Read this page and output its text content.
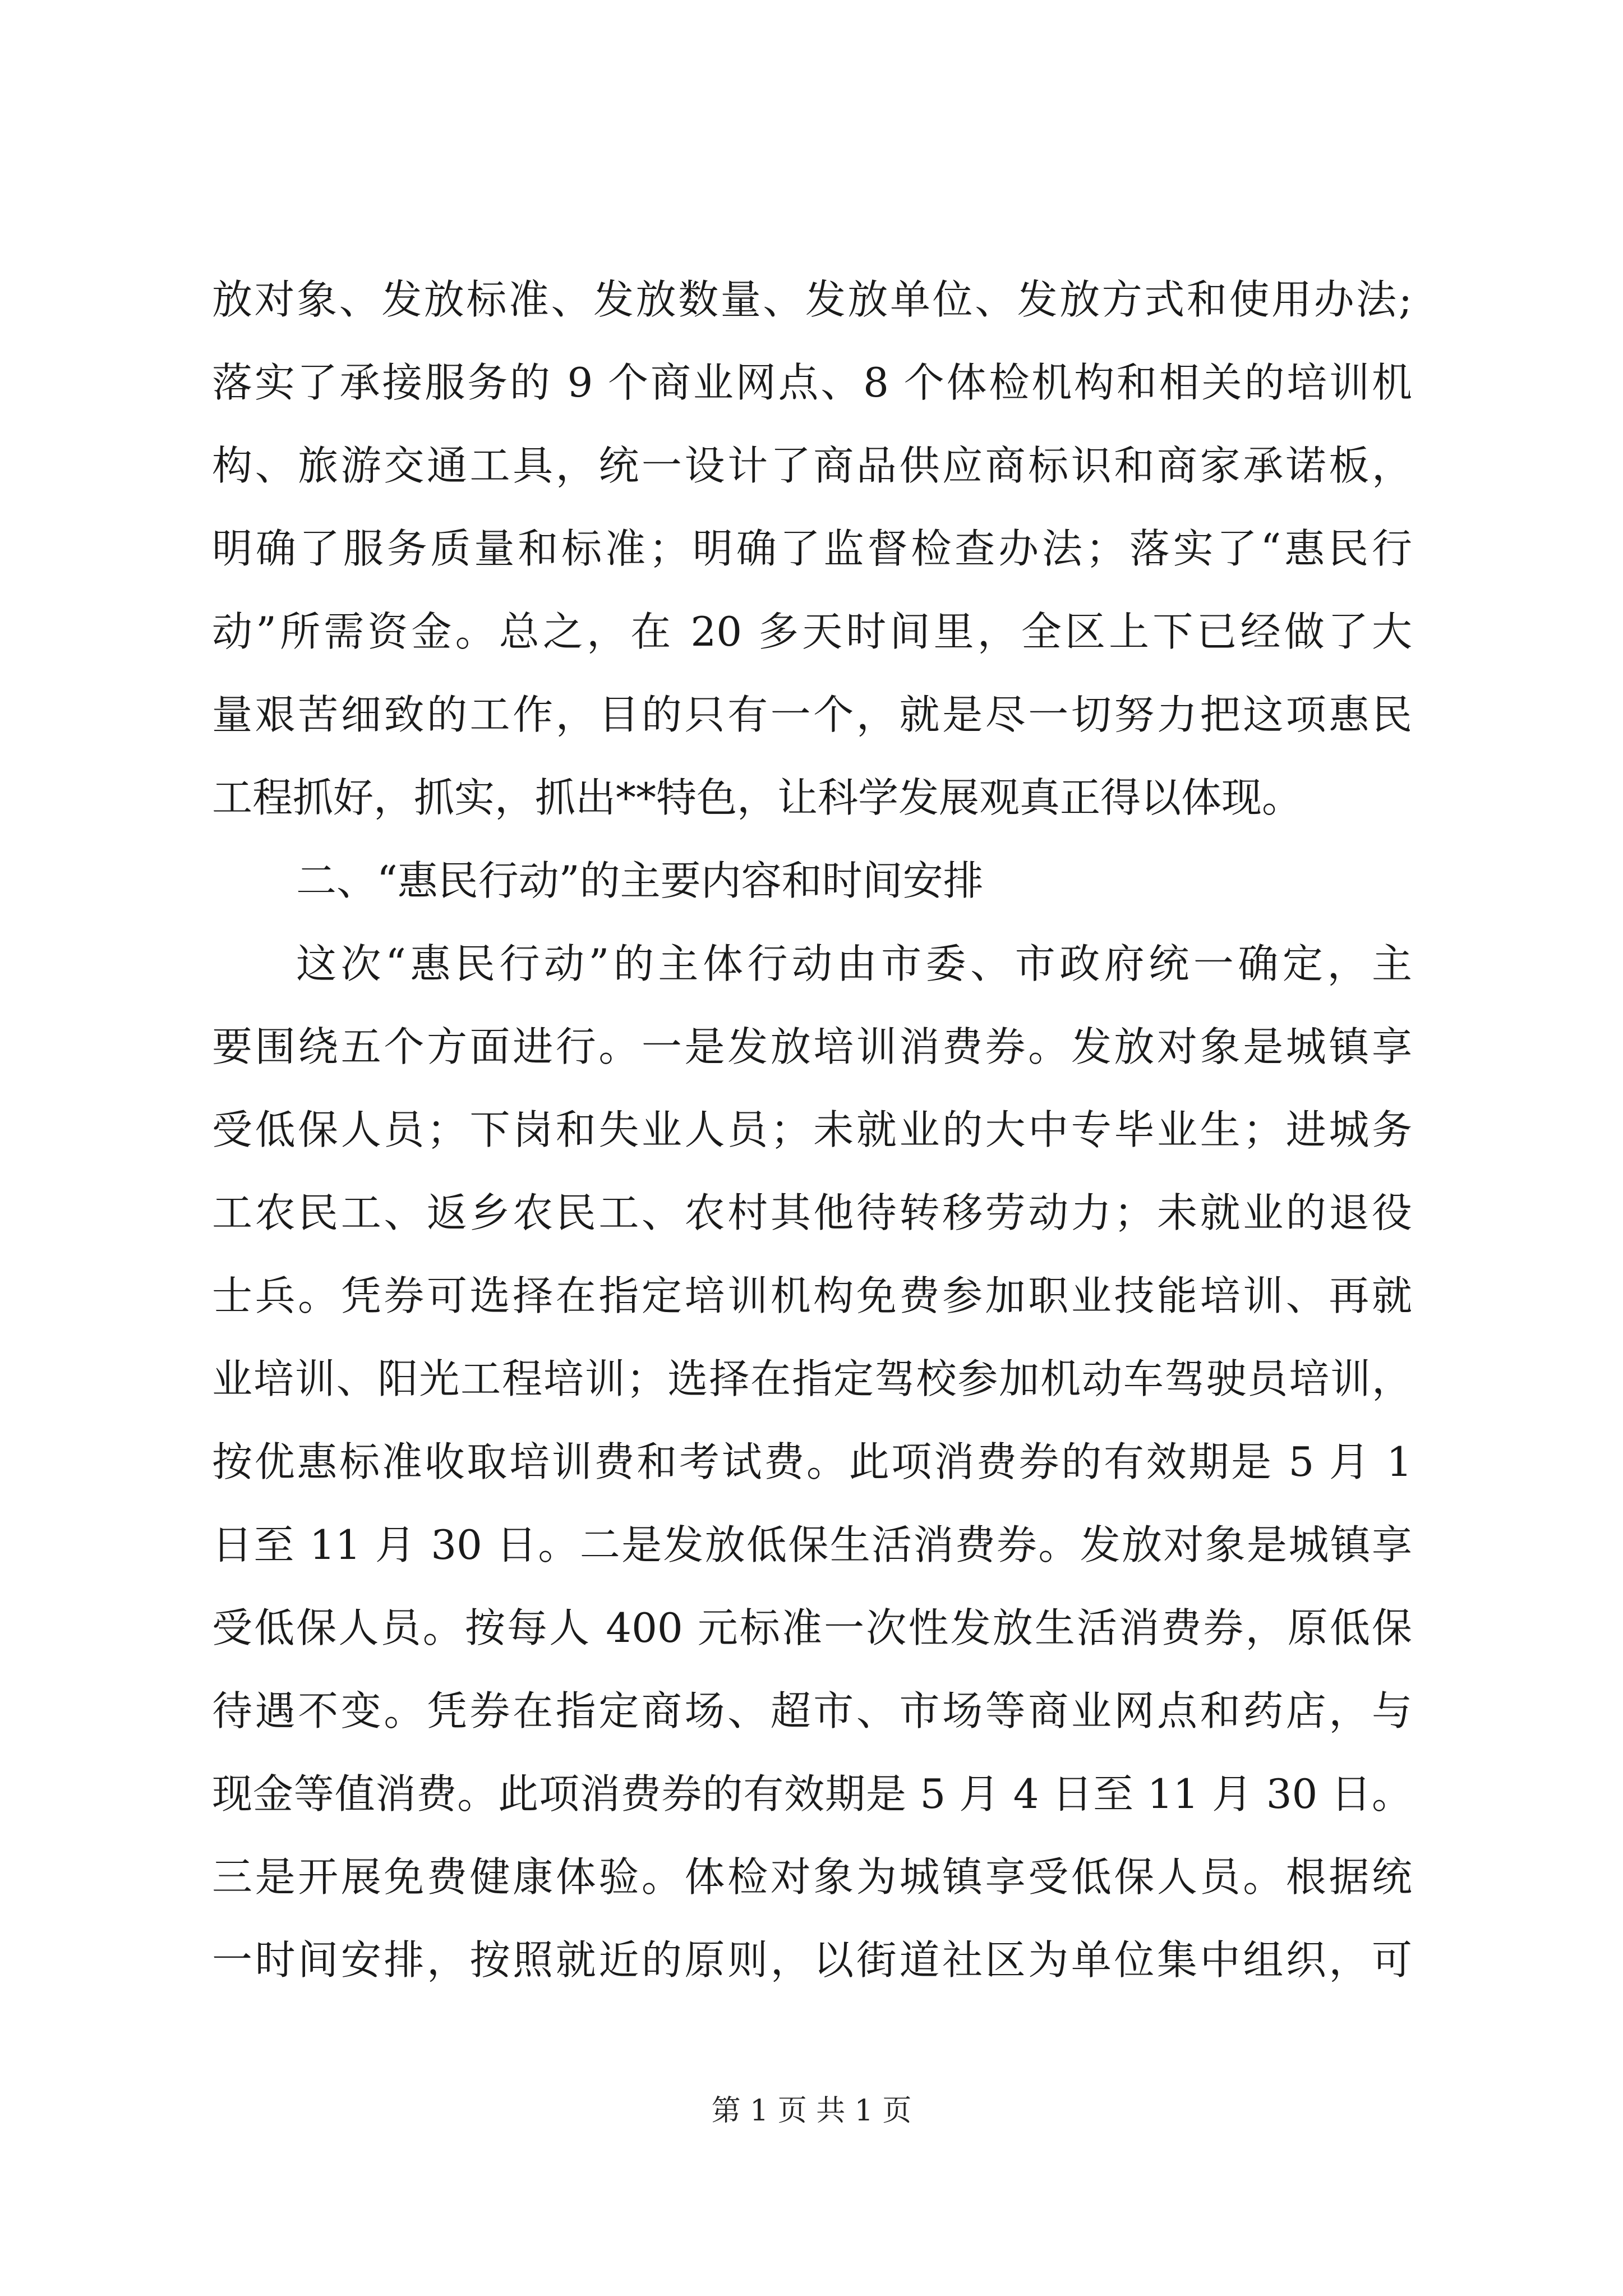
放对象、发放标准、发放数量、发放单位、发放方式和使用办法;
落实了承接服务的 9 个商业网点、8 个体检机构和相关的培训机
构、旅游交通工具，统一设计了商品供应商标识和商家承诺板，
明确了服务质量和标准；明确了监督检查办法；落实了“惠民行
动”所需资金。总之，在 20 多天时间里，全区上下已经做了大
量艰苦细致的工作，目的只有一个，就是尽一切努力把这项惠民
工程抓好，抓实，抓出**特色，让科学发展观真正得以体现。
二、“惠民行动”的主要内容和时间安排
这次“惠民行动”的主体行动由市委、市政府统一确定，主
要围绕五个方面进行。一是发放培训消费券。发放对象是城镇享
受低保人员；下岗和失业人员；未就业的大中专毕业生；进城务
工农民工、返乡农民工、农村其他待转移劳动力；未就业的退役
士兵。凭券可选择在指定培训机构免费参加职业技能培训、再就
业培训、阳光工程培训；选择在指定驾校参加机动车驾驶员培训，
按优惠标准收取培训费和考试费。此项消费券的有效期是 5 月 1
日至 11 月 30 日。二是发放低保生活消费券。发放对象是城镇享
受低保人员。按每人 400 元标准一次性发放生活消费券，原低保
待遇不变。凭券在指定商场、超市、市场等商业网点和药店，与
现金等值消费。此项消费券的有效期是 5 月 4 日至 11 月 30 日。
三是开展免费健康体验。体检对象为城镇享受低保人员。根据统
一时间安排，按照就近的原则，以街道社区为单位集中组织，可
第 1 页 共 1 页
